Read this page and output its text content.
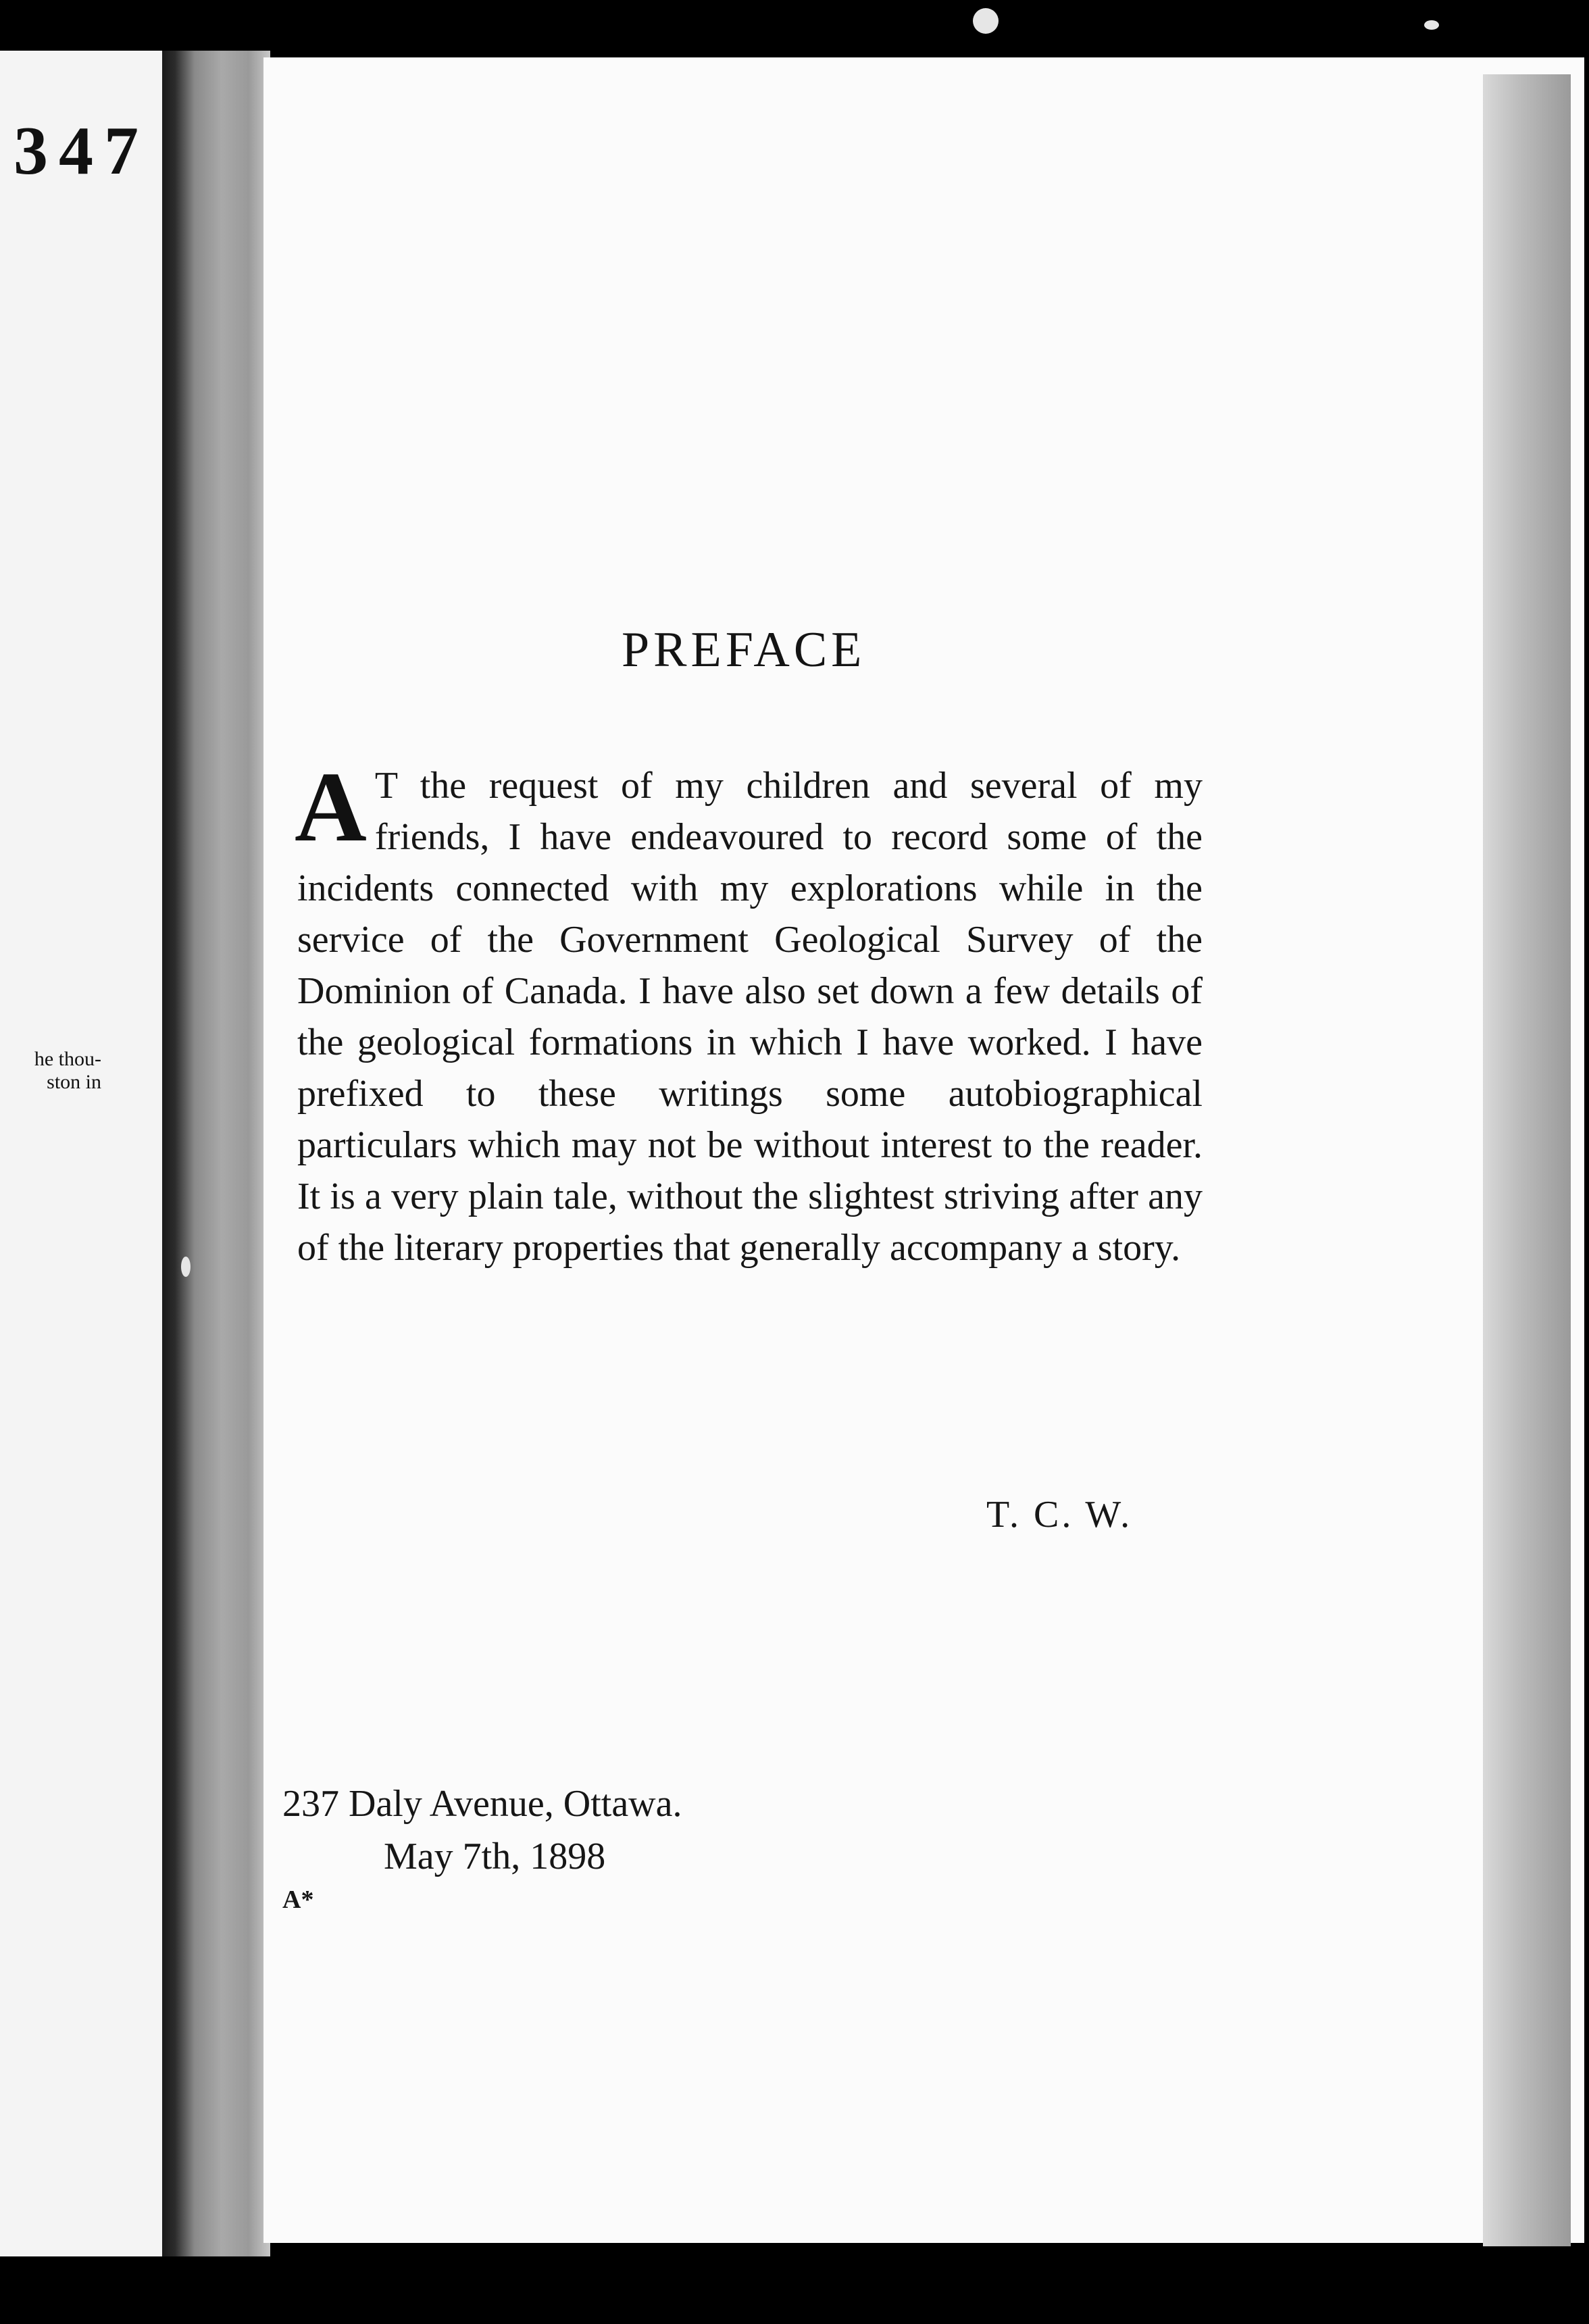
he thou-
ston in
347
PREFACE
A T the request of my children and several of my friends, I have endeavoured to record some of the incidents connected with my explorations while in the service of the Government Geological Survey of the Dominion of Canada. I have also set down a few details of the geological formations in which I have worked. I have prefixed to these writings some autobiographical particulars which may not be without interest to the reader. It is a very plain tale, without the slightest striving after any of the literary properties that generally accompany a story.
T. C. W.
237 Daly Avenue, Ottawa.
May 7th, 1898
A*
